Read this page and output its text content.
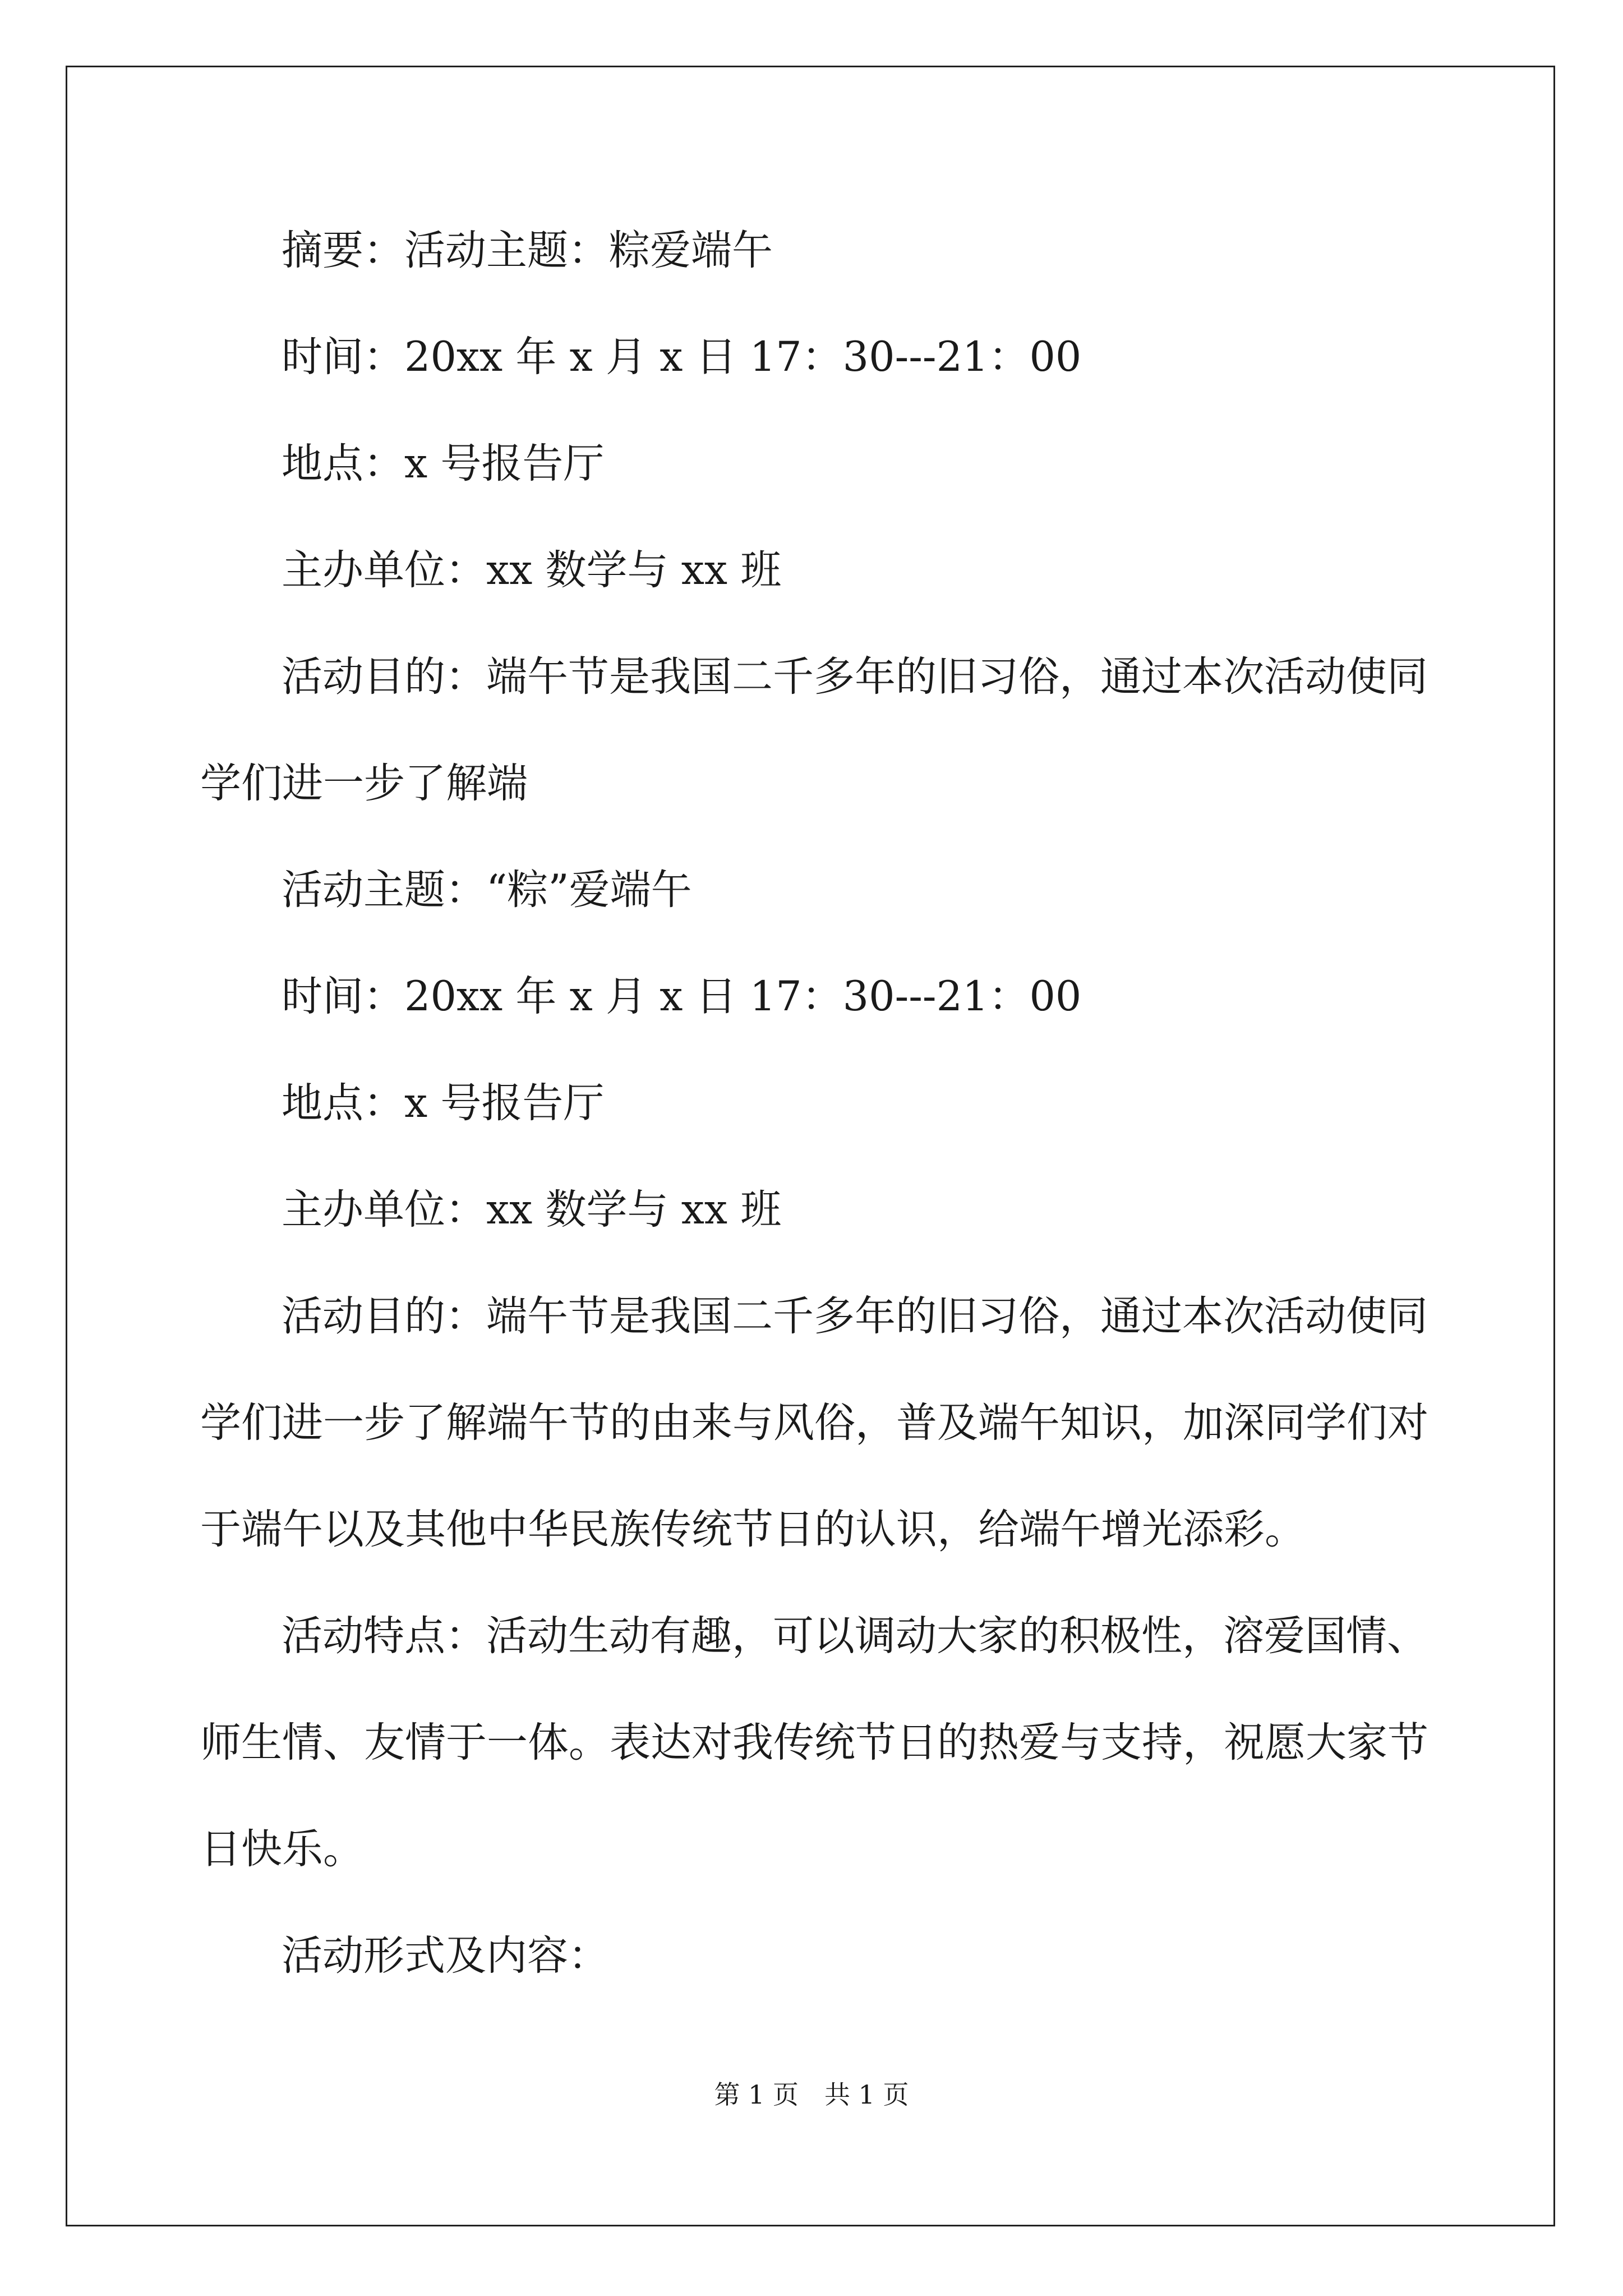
摘要：活动主题：粽爱端午

时间：20xx 年 x 月 x 日 17：30---21：00

地点：x 号报告厅

主办单位：xx 数学与 xx 班

活动目的：端午节是我国二千多年的旧习俗，通过本次活动使同

学们进一步了解端

活动主题：“粽”爱端午

时间：20xx 年 x 月 x 日 17：30---21：00

地点：x 号报告厅

主办单位：xx 数学与 xx 班

活动目的：端午节是我国二千多年的旧习俗，通过本次活动使同

学们进一步了解端午节的由来与风俗，普及端午知识，加深同学们对

于端午以及其他中华民族传统节日的认识，给端午增光添彩。

活动特点：活动生动有趣，可以调动大家的积极性，溶爱国情、

师生情、友情于一体。表达对我传统节日的热爱与支持，祝愿大家节

日快乐。

活动形式及内容：

第 1 页　共 1 页
